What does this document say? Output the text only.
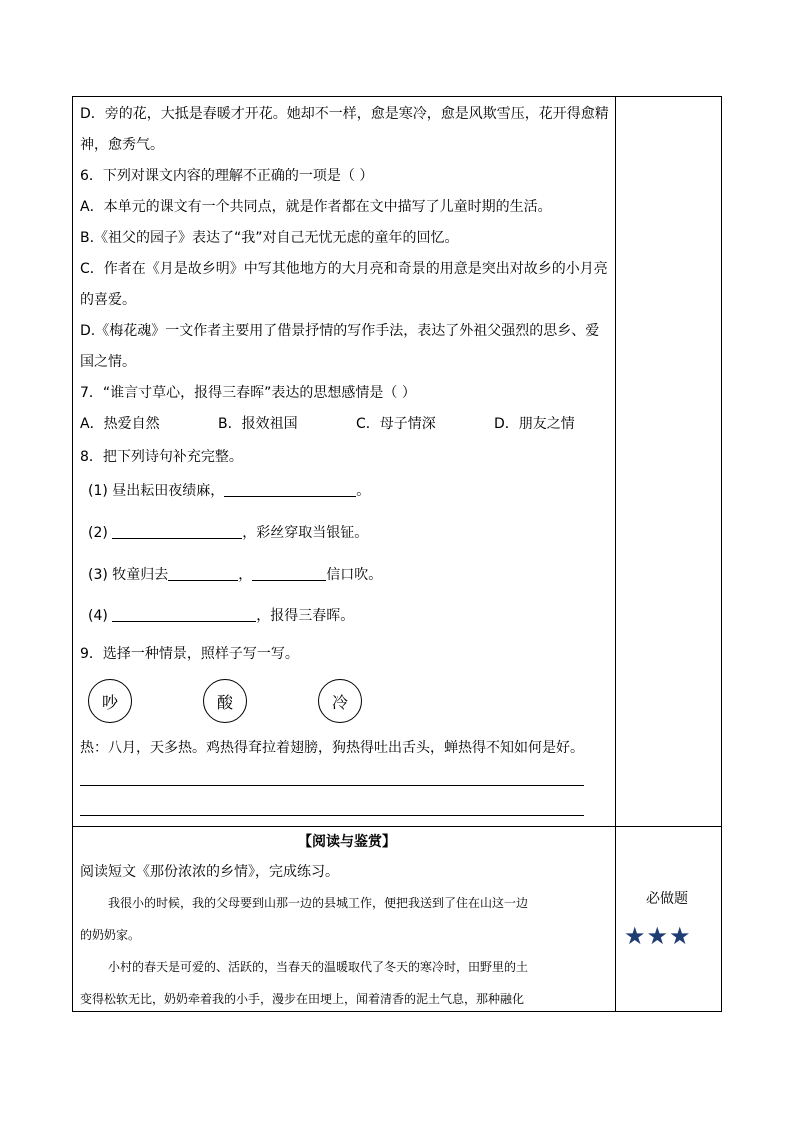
D．旁的花，大抵是春暖才开花。她却不一样，愈是寒冷，愈是风欺雪压，花开得愈精
神，愈秀气。
6．下列对课文内容的理解不正确的一项是（ ）
A．本单元的课文有一个共同点，就是作者都在文中描写了儿童时期的生活。
B.《祖父的园子》表达了“我”对自己无忧无虑的童年的回忆。
C．作者在《月是故乡明》中写其他地方的大月亮和奇景的用意是突出对故乡的小月亮
的喜爱。
D.《梅花魂》一文作者主要用了借景抒情的写作手法，表达了外祖父强烈的思乡、爱
国之情。
7．“谁言寸草心，报得三春晖”表达的思想感情是（ ）
A．热爱自然	B．报效祖国	C．母子情深	D．朋友之情
8．把下列诗句补充完整。
(1) 昼出耘田夜绩麻，	。
(2)	，彩丝穿取当银钲。
(3) 牧童归去	，	信口吹。
(4)	，报得三春晖。
9．选择一种情景，照样子写一写。
吵	酸	冷
热：八月，天多热。鸡热得耷拉着翅膀，狗热得吐出舌头，蝉热得不知如何是好。
【阅读与鉴赏】
阅读短文《那份浓浓的乡情》，完成练习。
我很小的时候，我的父母要到山那一边的县城工作，便把我送到了住在山这一边
的奶奶家。
小村的春天是可爱的、活跃的，当春天的温暖取代了冬天的寒冷时，田野里的土
变得松软无比，奶奶牵着我的小手，漫步在田埂上，闻着清香的泥土气息，那种融化
必做题
★★★
